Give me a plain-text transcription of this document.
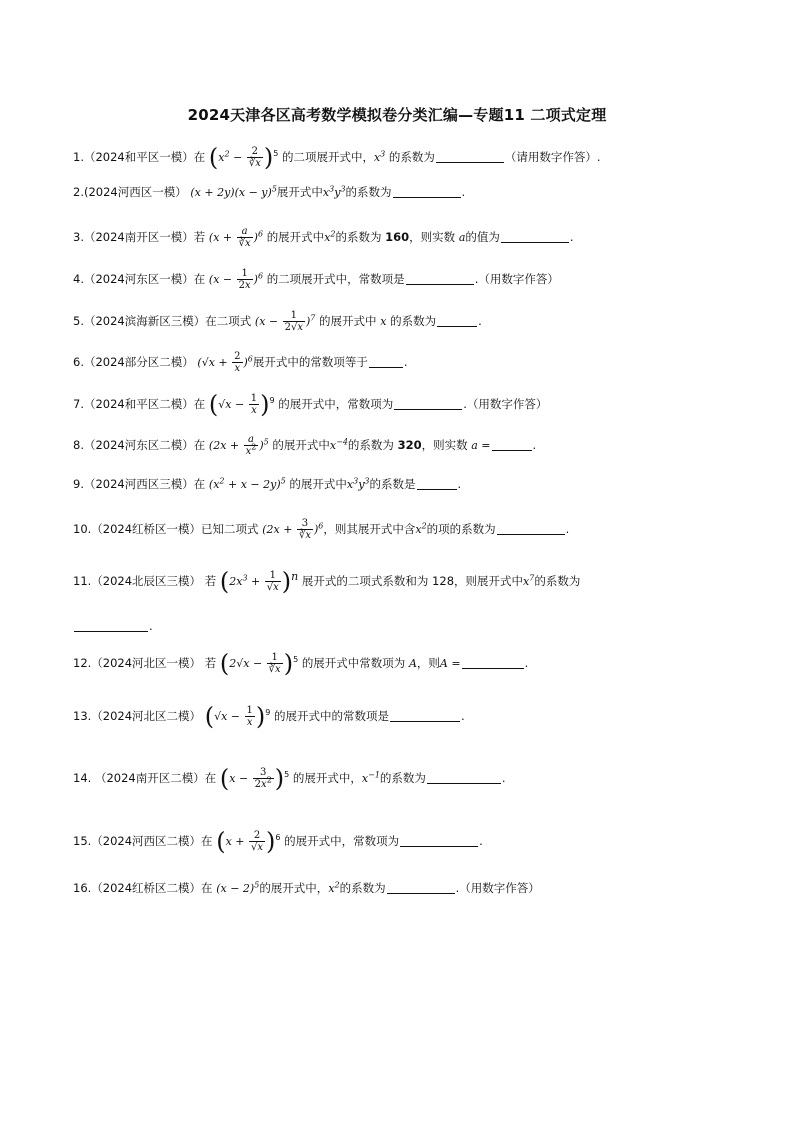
2024天津各区高考数学模拟卷分类汇编—专题11 二项式定理
1.（2024和平区一模）在 $(x^2 - \frac{2}{∛x} )^5$ 的二项展开式中，$x^3$ 的系数为	（请用数字作答）.
2.(2024河西区一模） $(x + 2y)(x - y)^5$展开式中$x^3y^3$的系数为	.
3.（2024南开区一模）若 $(x + \frac{a}{∛x} )^6$ 的展开式中$x^2$的系数为 160，则实数 a的值为	.
4.（2024河东区一模）在 $(x - \frac{1}{2x} )^6$ 的二项展开式中，常数项是	.（用数字作答）
5.（2024滨海新区三模）在二项式 $(x - \frac{1}{2√x} )^7$ 的展开式中 x 的系数为	.
6.（2024部分区二模） $(√x + \frac{2}{x} )^6$展开式中的常数项等于	.
7.（2024和平区二模）在 $(√x - \frac{1}{x} )^9$ 的展开式中，常数项为	.（用数字作答）
8.（2024河东区二模）在 $(2x + \frac{a}{x^2} )^5$ 的展开式中$x^{-4}$的系数为 320，则实数 a =	.
9.（2024河西区三模）在 $(x^2 + x - 2y)^5$ 的展开式中$x^3y^3$的系数是	.
10.（2024红桥区一模）已知二项式 $(2x + \frac{3}{∛x} )^6$，则其展开式中含$x^2$的项的系数为	.
11.（2024北辰区三模） 若 $(2x^3 + \frac{1}{√x} )^n$ 展开式的二项式系数和为 128，则展开式中$x^7$的系数为
.
12.（2024河北区一模） 若 $(2√x - \frac{1}{∛x} )^5$ 的展开式中常数项为 A，则A =	.
13.（2024河北区二模） $(√x - \frac{1}{x} )^9$ 的展开式中的常数项是	.
14. （2024南开区二模）在 $(x - \frac{3}{2x^2} )^5$ 的展开式中，$x^{-1}$的系数为	.
15.（2024河西区二模）在 $(x + \frac{2}{√x} )^6$ 的展开式中，常数项为	.
16.（2024红桥区二模）在 $(x - 2)^5$的展开式中，$x^2$的系数为	.（用数字作答）
